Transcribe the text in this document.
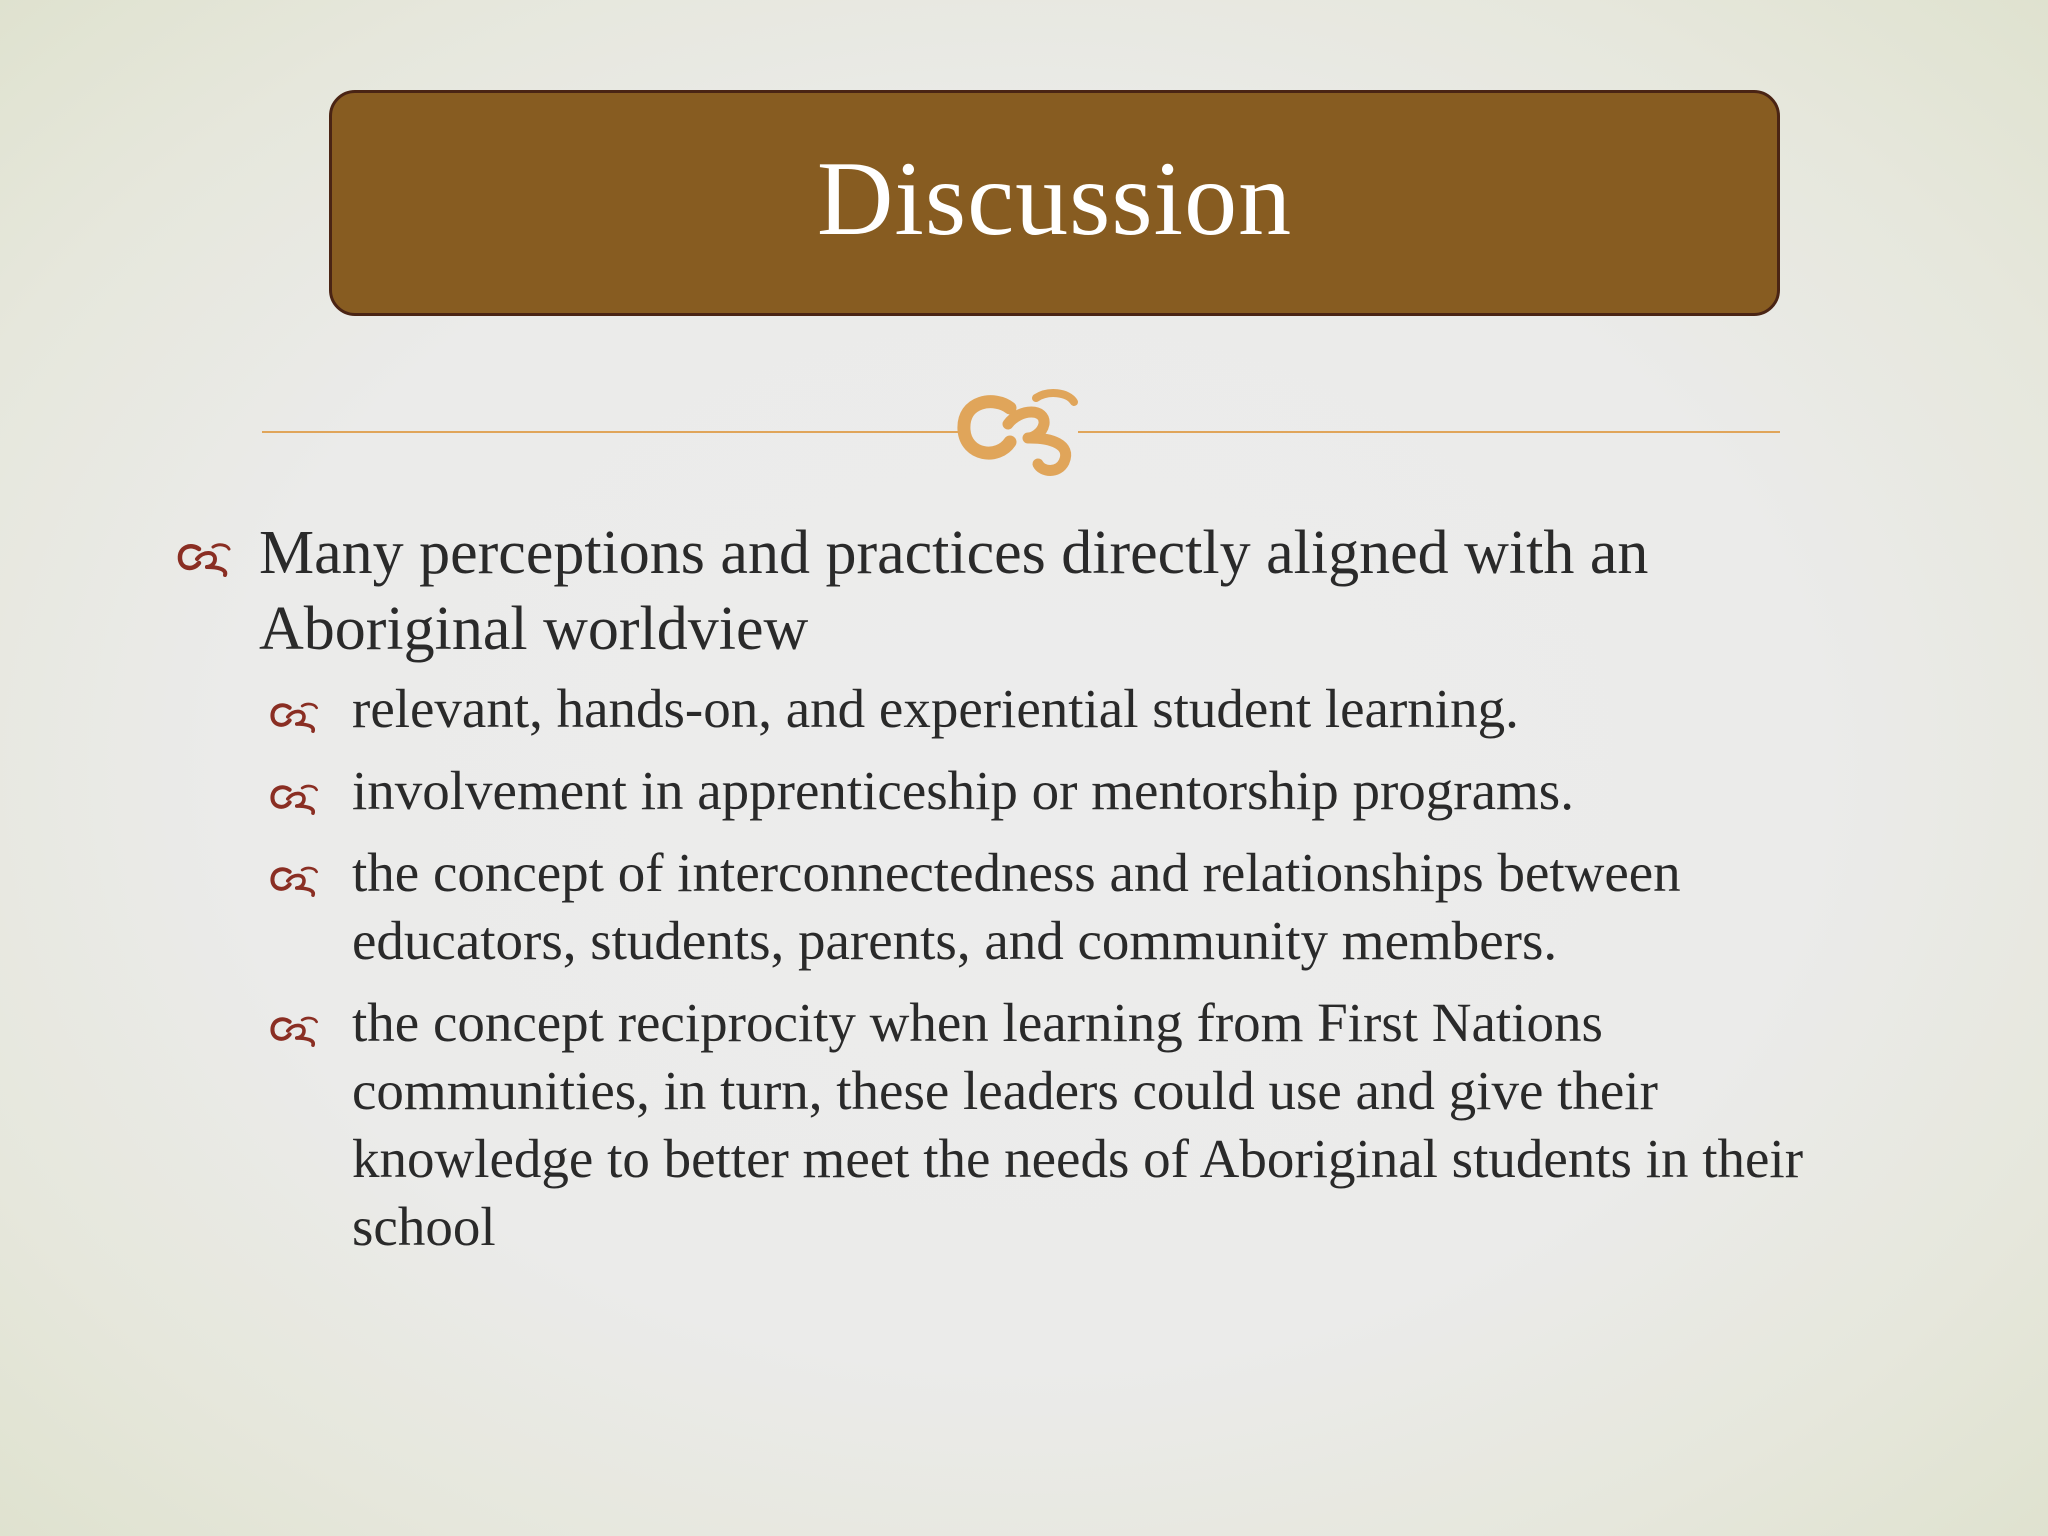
Discussion
Many perceptions and practices directly aligned with an Aboriginal worldview
relevant, hands-on, and experiential student learning.
involvement in apprenticeship or mentorship programs.
the concept of interconnectedness and relationships between educators, students, parents, and community members.
the concept reciprocity when learning from First Nations communities, in turn, these leaders could use and give their knowledge to better meet the needs of Aboriginal students in their school
